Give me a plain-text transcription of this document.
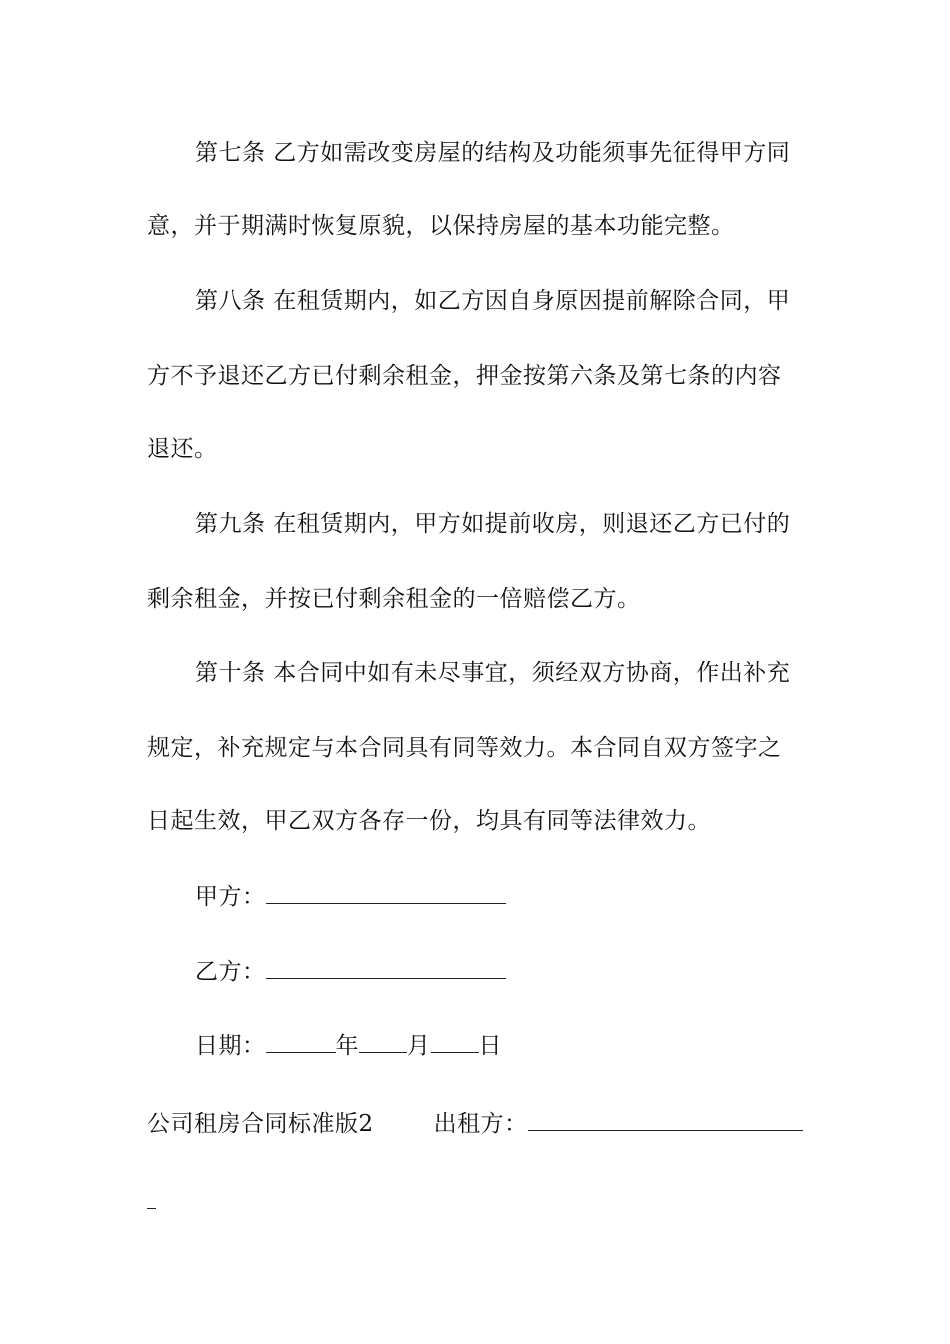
第七条 乙方如需改变房屋的结构及功能须事先征得甲方同
意，并于期满时恢复原貌，以保持房屋的基本功能完整。
第八条 在租赁期内，如乙方因自身原因提前解除合同，甲
方不予退还乙方已付剩余租金，押金按第六条及第七条的内容
退还。
第九条 在租赁期内，甲方如提前收房，则退还乙方已付的
剩余租金，并按已付剩余租金的一倍赔偿乙方。
第十条 本合同中如有未尽事宜，须经双方协商，作出补充
规定，补充规定与本合同具有同等效力。本合同自双方签字之
日起生效，甲乙双方各存一份，均具有同等法律效力。
甲方：
乙方：
日期：	年 月 日
公司租房合同标准版2	出租方：
